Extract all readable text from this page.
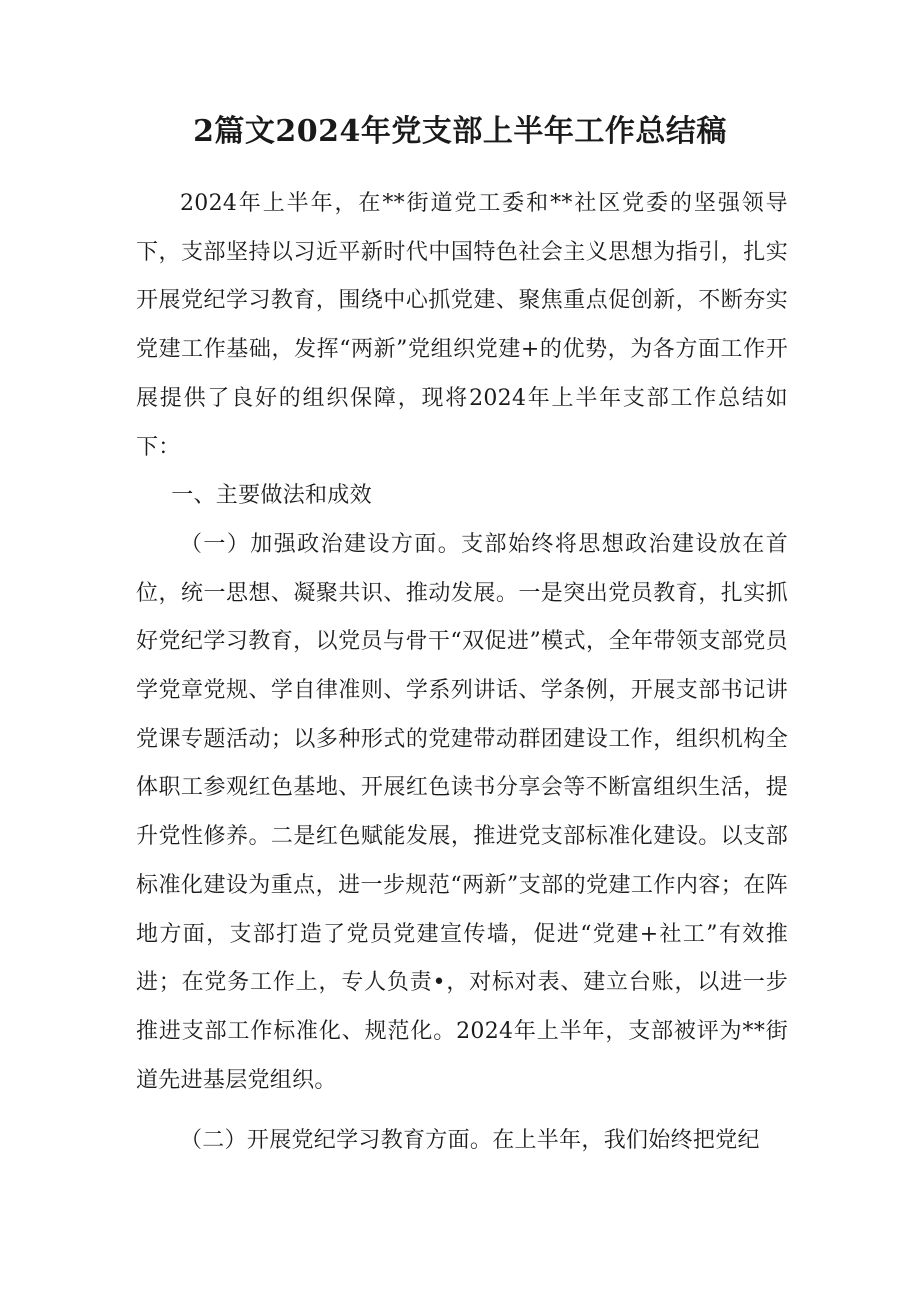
2篇文2024年党支部上半年工作总结稿

2024年上半年，在**街道党工委和**社区党委的坚强领导下，支部坚持以习近平新时代中国特色社会主义思想为指引，扎实开展党纪学习教育，围绕中心抓党建、聚焦重点促创新，不断夯实党建工作基础，发挥“两新”党组织党建+的优势，为各方面工作开展提供了良好的组织保障，现将2024年上半年支部工作总结如下：

一、主要做法和成效

（一）加强政治建设方面。支部始终将思想政治建设放在首位，统一思想、凝聚共识、推动发展。一是突出党员教育，扎实抓好党纪学习教育，以党员与骨干“双促进”模式，全年带领支部党员学党章党规、学自律准则、学系列讲话、学条例，开展支部书记讲党课专题活动；以多种形式的党建带动群团建设工作，组织机构全体职工参观红色基地、开展红色读书分享会等不断富组织生活，提升党性修养。二是红色赋能发展，推进党支部标准化建设。以支部标准化建设为重点，进一步规范“两新”支部的党建工作内容；在阵地方面，支部打造了党员党建宣传墙，促进“党建+社工”有效推进；在党务工作上，专人负责•，对标对表、建立台账，以进一步推进支部工作标准化、规范化。2024年上半年，支部被评为**街道先进基层党组织。

（二）开展党纪学习教育方面。在上半年，我们始终把党纪
